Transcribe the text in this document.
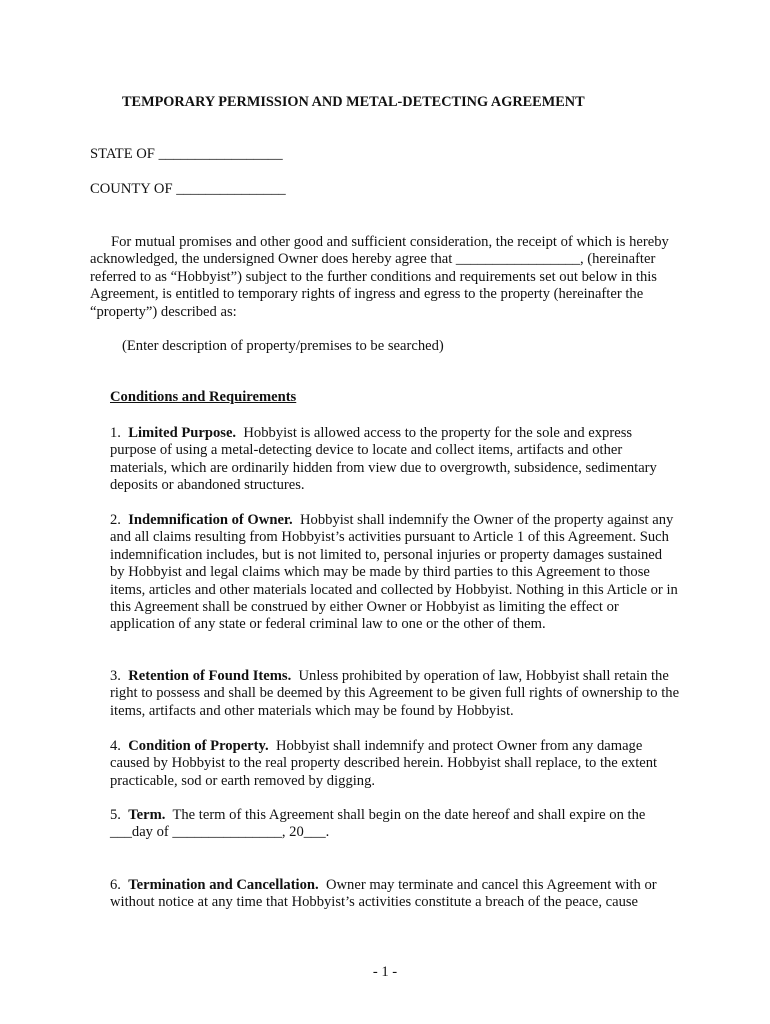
TEMPORARY PERMISSION AND METAL-DETECTING AGREEMENT

STATE OF _________________

COUNTY OF _______________

For mutual promises and other good and sufficient consideration, the receipt of which is hereby acknowledged, the undersigned Owner does hereby agree that _________________, (hereinafter referred to as “Hobbyist”) subject to the further conditions and requirements set out below in this Agreement, is entitled to temporary rights of ingress and egress to the property (hereinafter the “property”) described as:

(Enter description of property/premises to be searched)

Conditions and Requirements

1. Limited Purpose. Hobbyist is allowed access to the property for the sole and express purpose of using a metal-detecting device to locate and collect items, artifacts and other materials, which are ordinarily hidden from view due to overgrowth, subsidence, sedimentary deposits or abandoned structures.

2. Indemnification of Owner. Hobbyist shall indemnify the Owner of the property against any and all claims resulting from Hobbyist’s activities pursuant to Article 1 of this Agreement. Such indemnification includes, but is not limited to, personal injuries or property damages sustained by Hobbyist and legal claims which may be made by third parties to this Agreement to those items, articles and other materials located and collected by Hobbyist. Nothing in this Article or in this Agreement shall be construed by either Owner or Hobbyist as limiting the effect or application of any state or federal criminal law to one or the other of them.

3. Retention of Found Items. Unless prohibited by operation of law, Hobbyist shall retain the right to possess and shall be deemed by this Agreement to be given full rights of ownership to the items, artifacts and other materials which may be found by Hobbyist.

4. Condition of Property. Hobbyist shall indemnify and protect Owner from any damage caused by Hobbyist to the real property described herein. Hobbyist shall replace, to the extent practicable, sod or earth removed by digging.

5. Term. The term of this Agreement shall begin on the date hereof and shall expire on the ___day of _______________, 20___.

6. Termination and Cancellation. Owner may terminate and cancel this Agreement with or without notice at any time that Hobbyist’s activities constitute a breach of the peace, cause

- 1 -
